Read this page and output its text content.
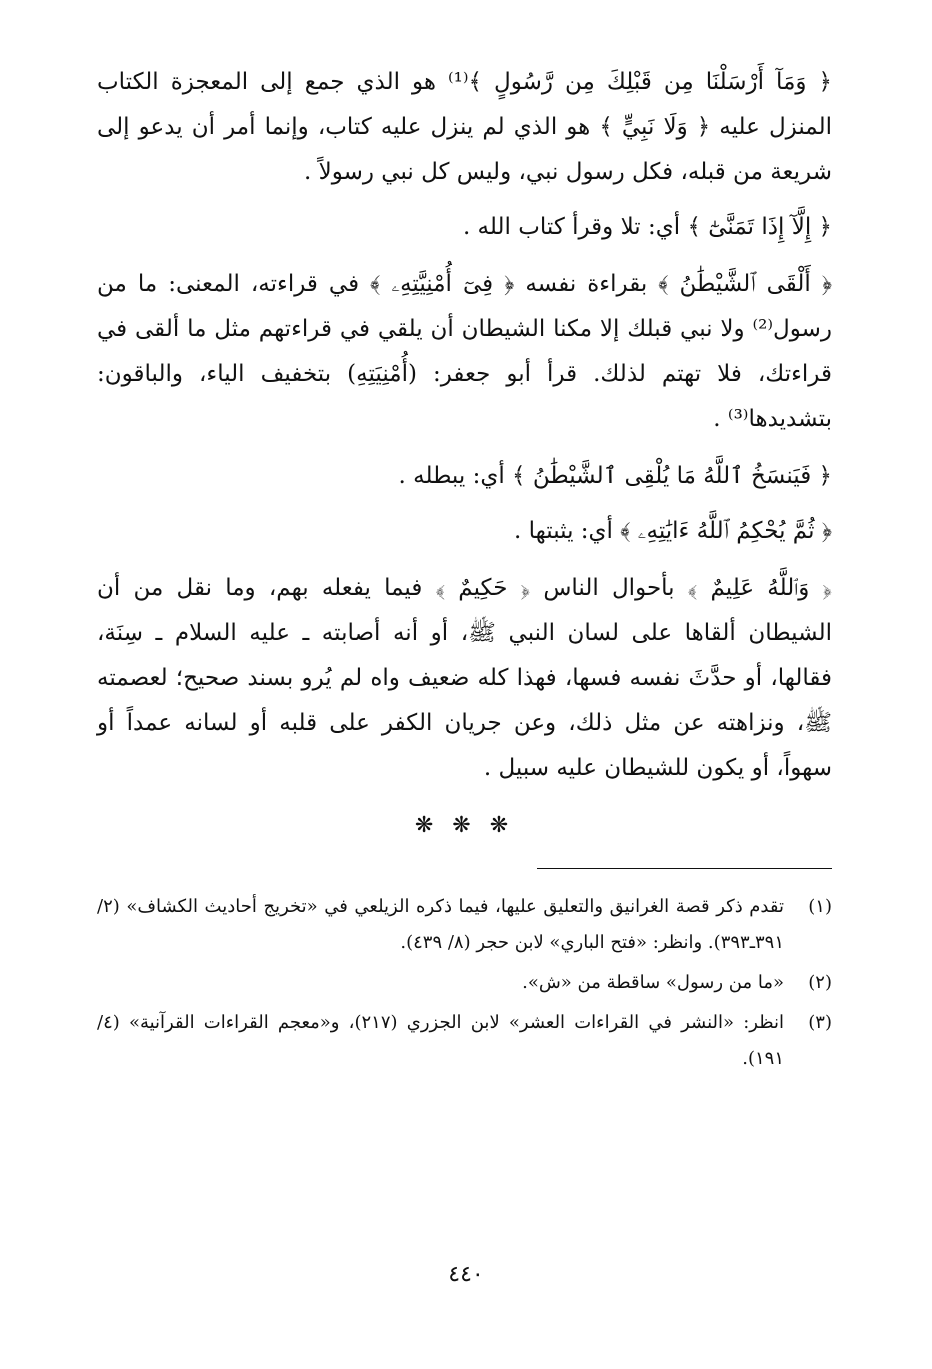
﴿ وَمَآ أَرْسَلْنَا مِن قَبْلِكَ مِن رَّسُولٍ ﴾⁽¹⁾ هو الذي جمع إلى المعجزة الكتاب المنزل عليه ﴿ وَلَا نَبِيٍّ ﴾ هو الذي لم ينزل عليه كتاب، وإنما أمر أن يدعو إلى شريعة من قبله، فكل رسول نبي، وليس كل نبي رسولاً .

﴿ إِلَّآ إِذَا تَمَنَّىٰٓ ﴾ أي: تلا وقرأ كتاب الله .

﴿ أَلْقَى ٱلشَّيْطَٰنُ ﴾ بقراءة نفسه ﴿ فِىٓ أُمْنِيَّتِهِۦ ﴾ في قراءته، المعنى: ما من رسول⁽²⁾ ولا نبي قبلك إلا مكنا الشيطان أن يلقي في قراءتهم مثل ما ألقى في قراءتك، فلا تهتم لذلك. قرأ أبو جعفر: (أُمْنِيَتِهِ) بتخفيف الياء، والباقون: بتشديدها⁽³⁾ .

﴿ فَيَنسَخُ ٱللَّهُ مَا يُلْقِى ٱلشَّيْطَٰنُ ﴾ أي: يبطله .

﴿ ثُمَّ يُحْكِمُ ٱللَّهُ ءَايَٰتِهِۦ ﴾ أي: يثبتها .

﴿ وَٱللَّهُ عَلِيمٌ ﴾ بأحوال الناس ﴿ حَكِيمٌ ﴾ فيما يفعله بهم، وما نقل من أن الشيطان ألقاها على لسان النبي ﷺ، أو أنه أصابته ـ عليه السلام ـ سِنَة، فقالها، أو حدَّثَ نفسه فسها، فهذا كله ضعيف واه لم يُرو بسند صحيح؛ لعصمته ﷺ، ونزاهته عن مثل ذلك، وعن جريان الكفر على قلبه أو لسانه عمداً أو سهواً، أو يكون للشيطان عليه سبيل .

❋ ❋ ❋
(١)
تقدم ذكر قصة الغرانيق والتعليق عليها، فيما ذكره الزيلعي في «تخريج أحاديث الكشاف» (٢/ ٣٩١ـ٣٩٣). وانظر: «فتح الباري» لابن حجر (٨/ ٤٣٩).
(٢)
«ما من رسول» ساقطة من «ش».
(٣)
انظر: «النشر في القراءات العشر» لابن الجزري (٢١٧)، و«معجم القراءات القرآنية» (٤/ ١٩١).
٤٤٠
